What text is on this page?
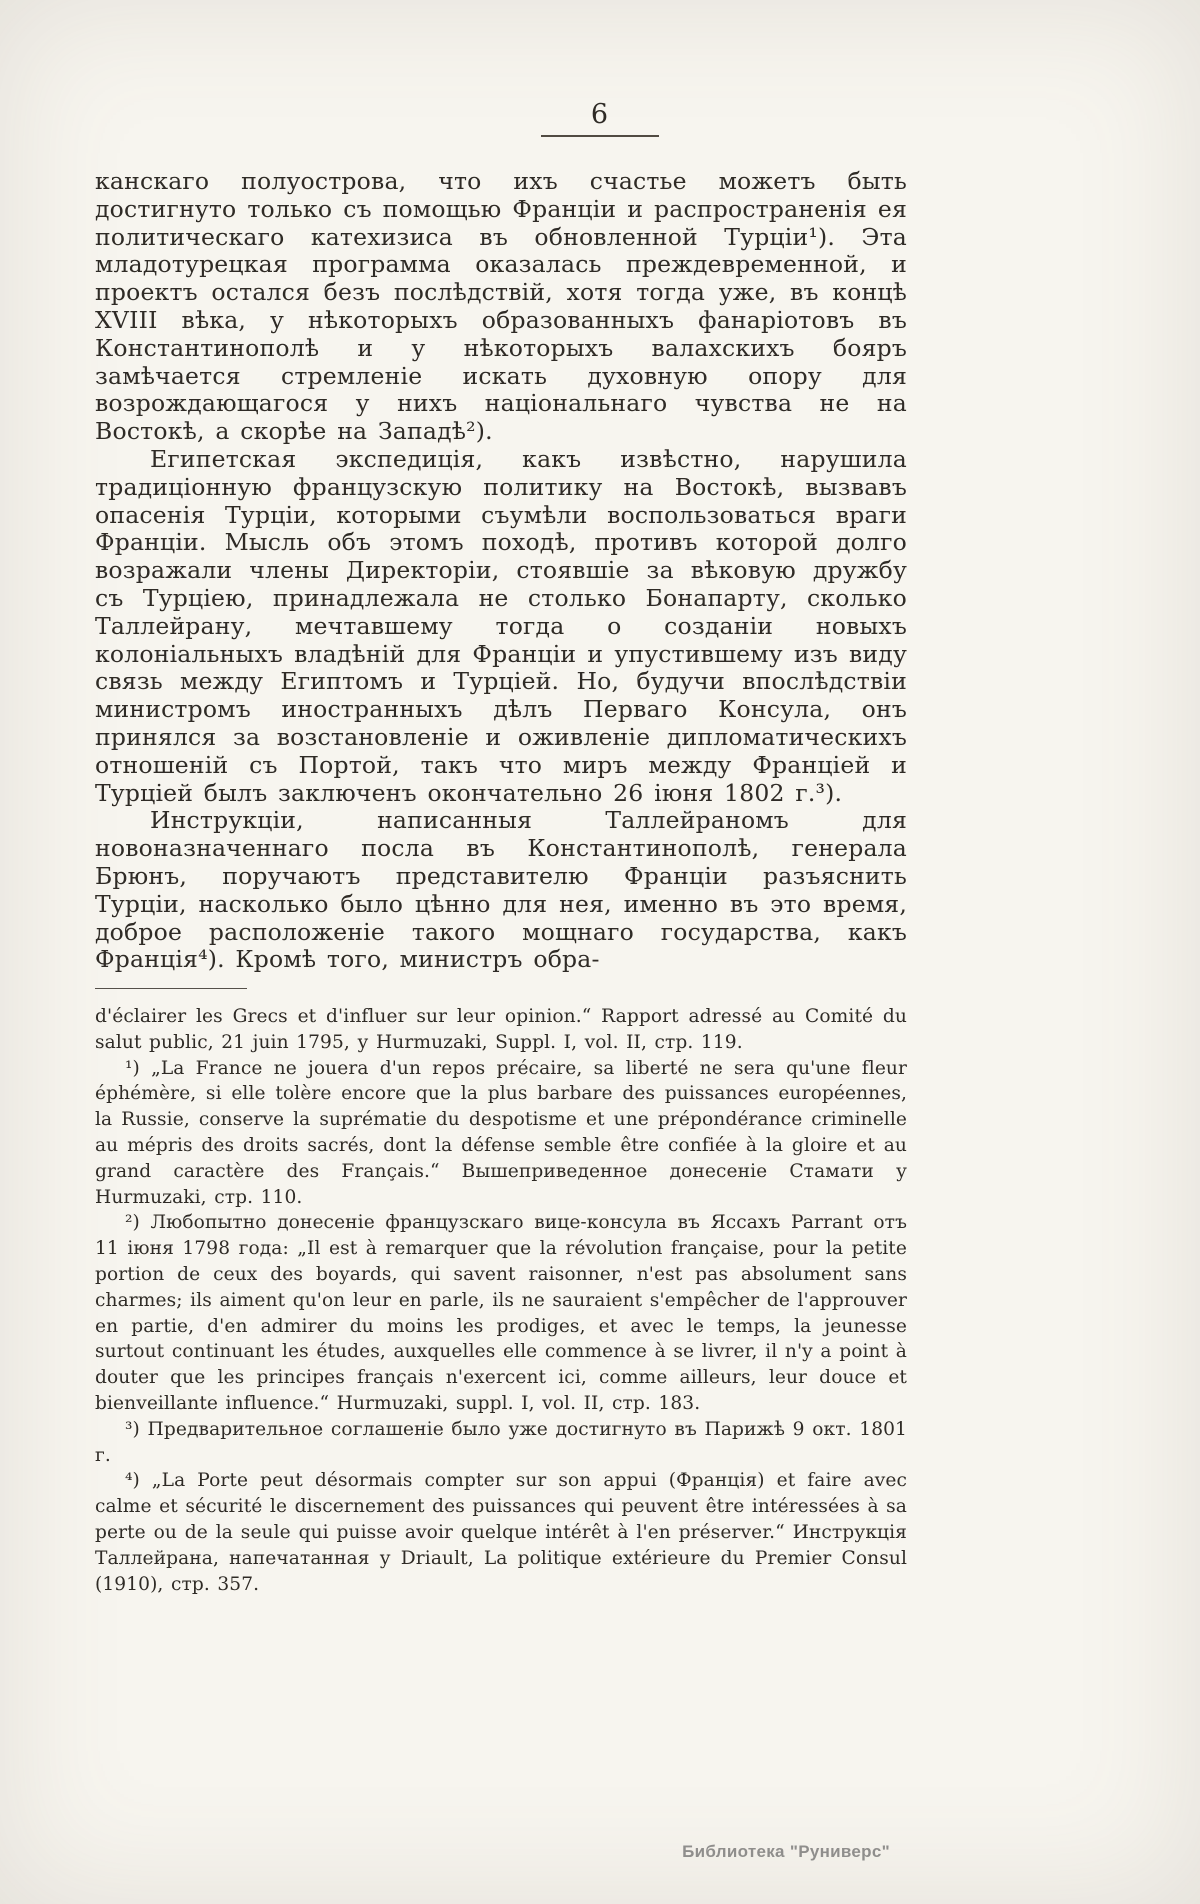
6

канскаго полуострова, что ихъ счастье можетъ быть достигнуто только съ помощью Франціи и распространенія ея политическаго катехизиса въ обновленной Турціи¹). Эта младотурецкая программа оказалась преждевременной, и проектъ остался безъ послѣдствій, хотя тогда уже, въ концѣ XVIII вѣка, у нѣкоторыхъ образованныхъ фанаріотовъ въ Константинополѣ и у нѣкоторыхъ валахскихъ бояръ замѣчается стремленіе искать духовную опору для возрождающагося у нихъ національнаго чувства не на Востокѣ, а скорѣе на Западѣ²).

Египетская экспедиція, какъ извѣстно, нарушила традиціонную французскую политику на Востокѣ, вызвавъ опасенія Турціи, которыми съумѣли воспользоваться враги Франціи. Мысль объ этомъ походѣ, противъ которой долго возражали члены Директоріи, стоявшіе за вѣковую дружбу съ Турціею, принадлежала не столько Бонапарту, сколько Таллейрану, мечтавшему тогда о созданіи новыхъ колоніальныхъ владѣній для Франціи и упустившему изъ виду связь между Египтомъ и Турціей. Но, будучи впослѣдствіи министромъ иностранныхъ дѣлъ Перваго Консула, онъ принялся за возстановленіе и оживленіе дипломатическихъ отношеній съ Портой, такъ что миръ между Франціей и Турціей былъ заключенъ окончательно 26 іюня 1802 г.³).

Инструкціи, написанныя Таллейраномъ для новоназначеннаго посла въ Константинополѣ, генерала Брюнъ, поручаютъ представителю Франціи разъяснить Турціи, насколько было цѣнно для нея, именно въ это время, доброе расположеніе такого мощнаго государства, какъ Франція⁴). Кромѣ того, министръ обра-

d'éclairer les Grecs et d'influer sur leur opinion.“ Rapport adressé au Comité du salut public, 21 juin 1795, у Hurmuzaki, Suppl. I, vol. II, стр. 119.

¹) „La France ne jouera d'un repos précaire, sa liberté ne sera qu'une fleur éphémère, si elle tolère encore que la plus barbare des puissances européennes, la Russie, conserve la suprématie du despotisme et une prépondérance criminelle au mépris des droits sacrés, dont la défense semble être confiée à la gloire et au grand caractère des Français.“ Вышеприведенное донесеніе Стамати у Hurmuzaki, стр. 110.

²) Любопытно донесеніе французскаго вице-консула въ Яссахъ Parrant отъ 11 іюня 1798 года: „Il est à remarquer que la révolution française, pour la petite portion de ceux des boyards, qui savent raisonner, n'est pas absolument sans charmes; ils aiment qu'on leur en parle, ils ne sauraient s'empêcher de l'approuver en partie, d'en admirer du moins les prodiges, et avec le temps, la jeunesse surtout continuant les études, auxquelles elle commence à se livrer, il n'y a point à douter que les principes français n'exercent ici, comme ailleurs, leur douce et bienveillante influence.“ Hurmuzaki, suppl. I, vol. II, стр. 183.

³) Предварительное соглашеніе было уже достигнуто въ Парижѣ 9 окт. 1801 г.

⁴) „La Porte peut désormais compter sur son appui (Франція) et faire avec calme et sécurité le discernement des puissances qui peuvent être intéressées à sa perte ou de la seule qui puisse avoir quelque intérêt à l'en préserver.“ Инструкція Таллейрана, напечатанная у Driault, La politique extérieure du Premier Consul (1910), стр. 357.

Библиотека "Руниверс"
